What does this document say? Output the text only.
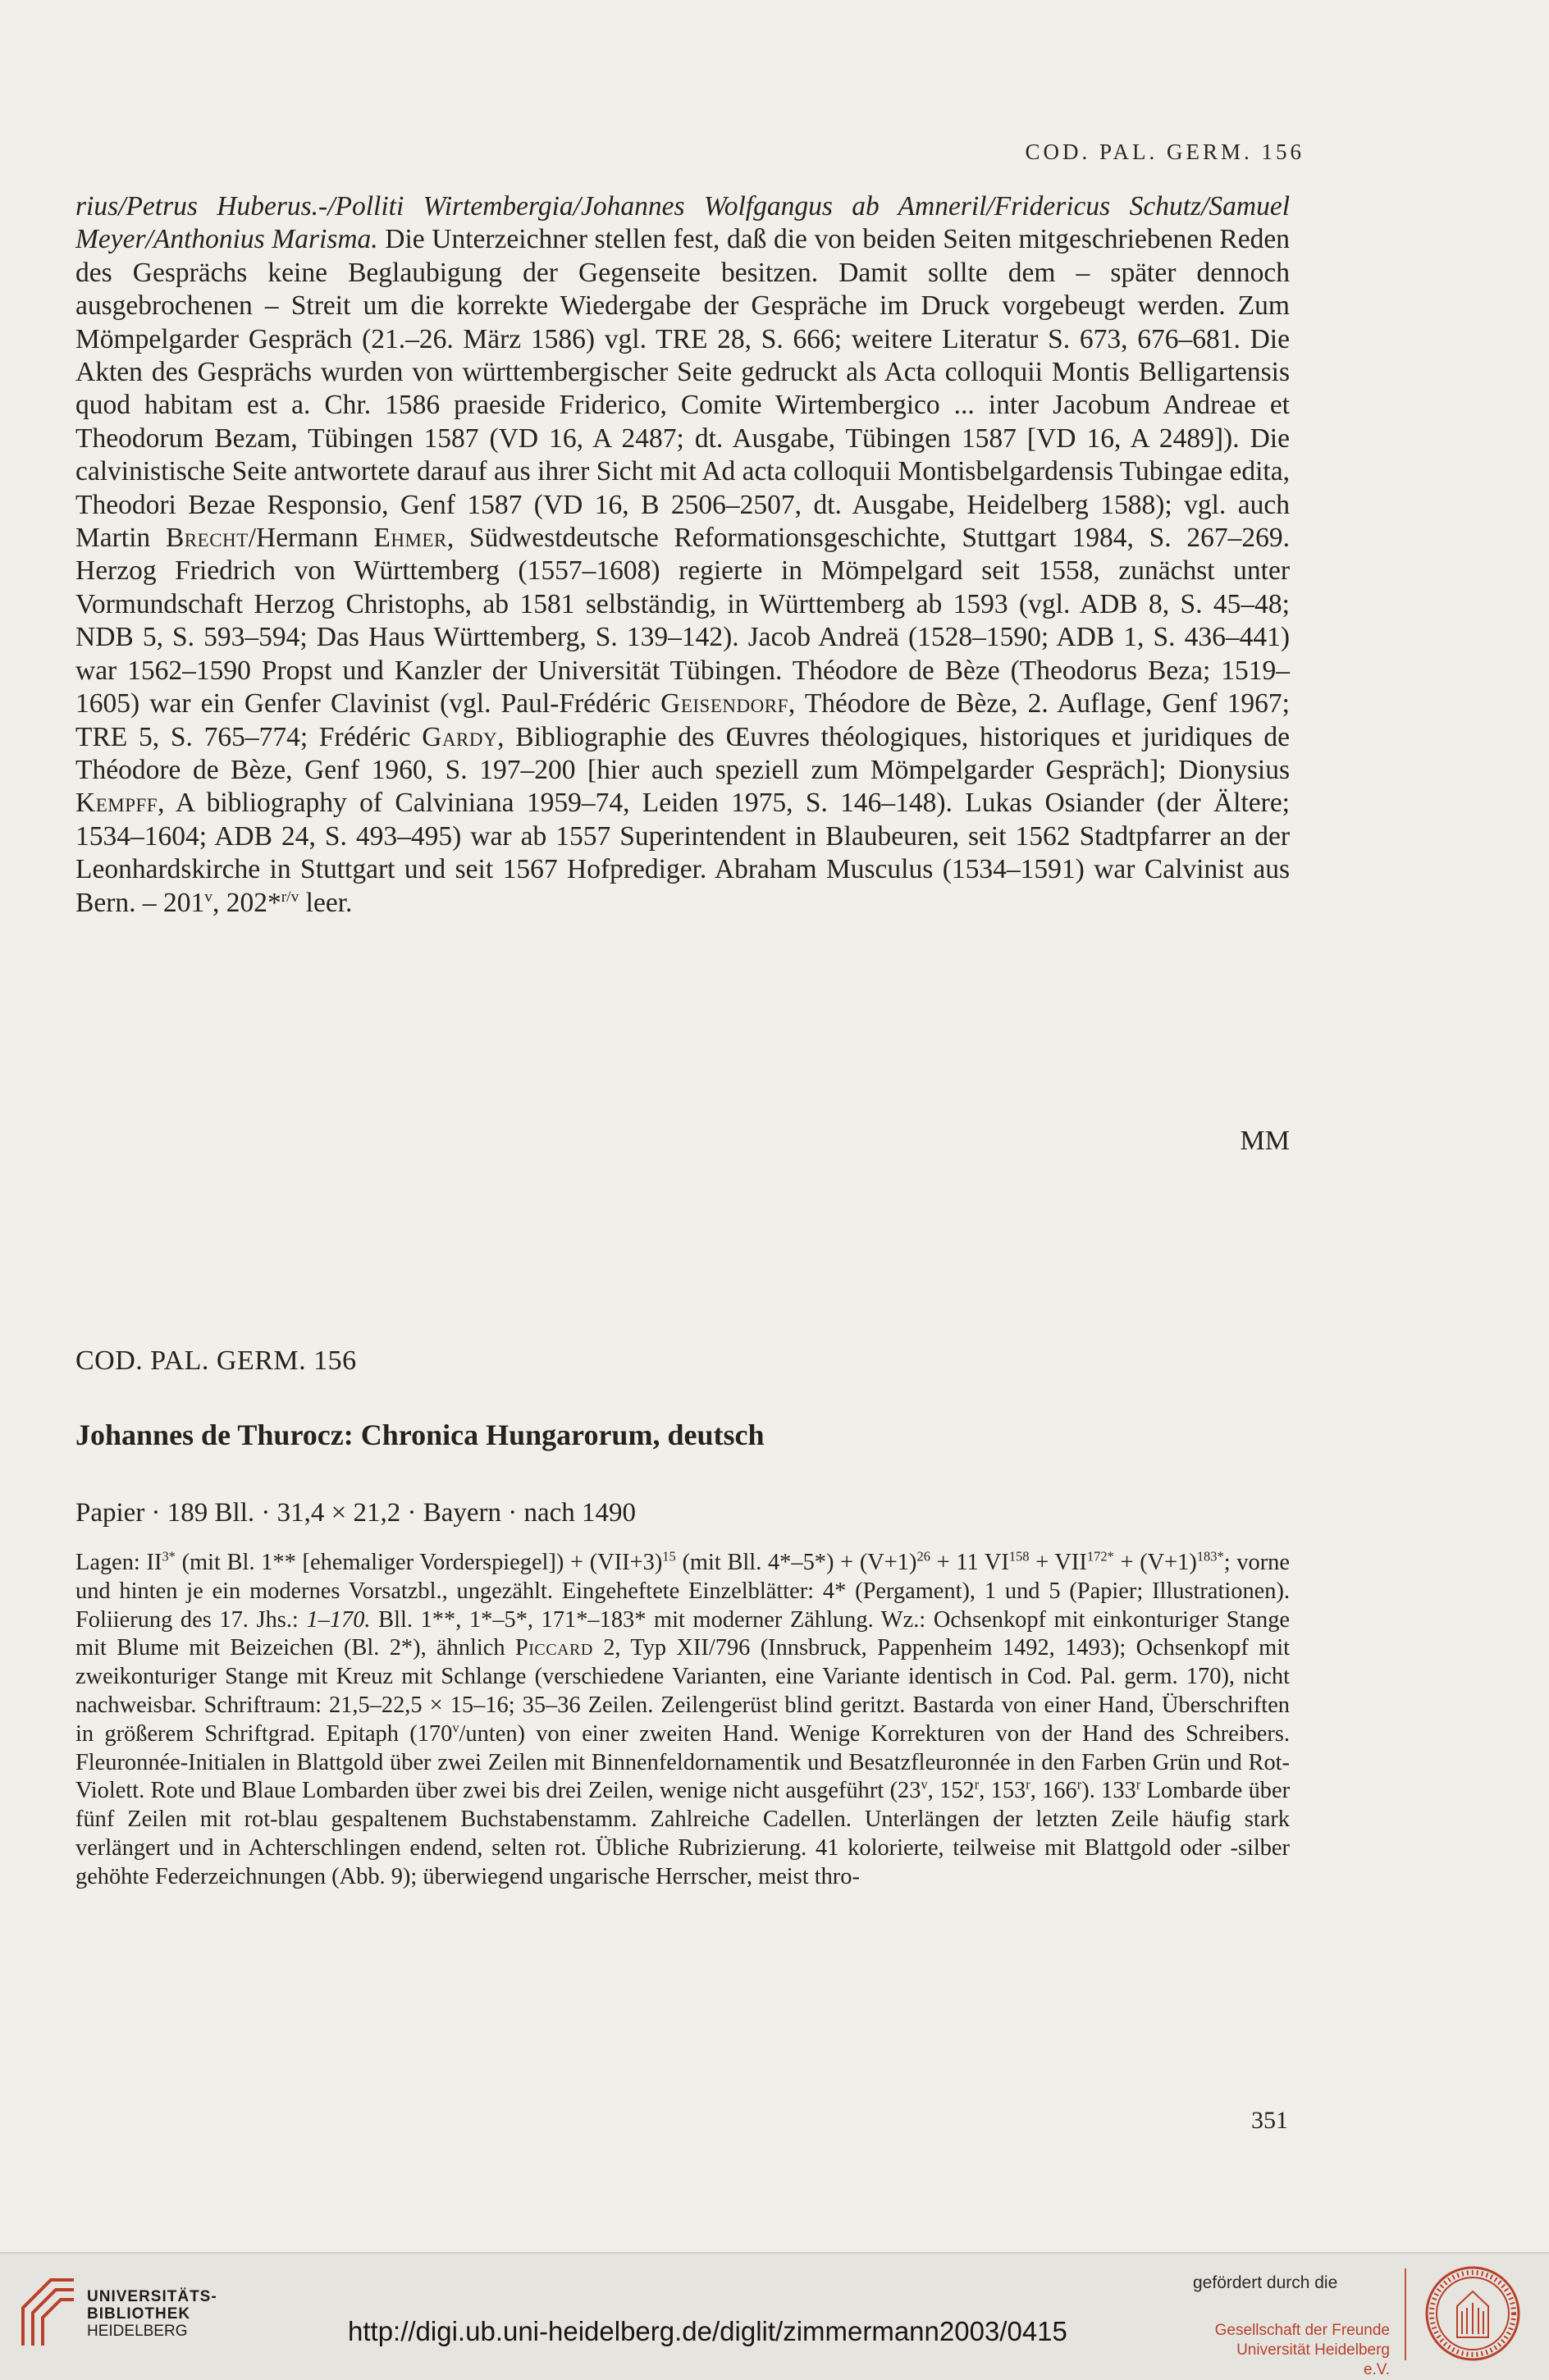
COD. PAL. GERM. 156

rius/Petrus Huberus.-/Polliti Wirtembergia/Johannes Wolfgangus ab Amneril/Fridericus Schutz/Samuel Meyer/Anthonius Marisma. Die Unterzeichner stellen fest, daß die von beiden Seiten mitgeschriebenen Reden des Gesprächs keine Beglaubigung der Gegenseite besitzen. Damit sollte dem – später dennoch ausgebrochenen – Streit um die korrekte Wiedergabe der Gespräche im Druck vorgebeugt werden. Zum Mömpelgarder Gespräch (21.–26. März 1586) vgl. TRE 28, S. 666; weitere Literatur S. 673, 676–681. Die Akten des Gesprächs wurden von württembergischer Seite gedruckt als Acta colloquii Montis Belligartensis quod habitam est a. Chr. 1586 praeside Friderico, Comite Wirtembergico ... inter Jacobum Andreae et Theodorum Bezam, Tübingen 1587 (VD 16, A 2487; dt. Ausgabe, Tübingen 1587 [VD 16, A 2489]). Die calvinistische Seite antwortete darauf aus ihrer Sicht mit Ad acta colloquii Montisbelgardensis Tubingae edita, Theodori Bezae Responsio, Genf 1587 (VD 16, B 2506–2507, dt. Ausgabe, Heidelberg 1588); vgl. auch Martin Brecht/Hermann Ehmer, Südwestdeutsche Reformationsgeschichte, Stuttgart 1984, S. 267–269. Herzog Friedrich von Württemberg (1557–1608) regierte in Mömpelgard seit 1558, zunächst unter Vormundschaft Herzog Christophs, ab 1581 selbständig, in Württemberg ab 1593 (vgl. ADB 8, S. 45–48; NDB 5, S. 593–594; Das Haus Württemberg, S. 139–142). Jacob Andreä (1528–1590; ADB 1, S. 436–441) war 1562–1590 Propst und Kanzler der Universität Tübingen. Théodore de Bèze (Theodorus Beza; 1519–1605) war ein Genfer Clavinist (vgl. Paul-Frédéric Geisendorf, Théodore de Bèze, 2. Auflage, Genf 1967; TRE 5, S. 765–774; Frédéric Gardy, Bibliographie des Œuvres théologiques, historiques et juridiques de Théodore de Bèze, Genf 1960, S. 197–200 [hier auch speziell zum Mömpelgarder Gespräch]; Dionysius Kempff, A bibliography of Calviniana 1959–74, Leiden 1975, S. 146–148). Lukas Osiander (der Ältere; 1534–1604; ADB 24, S. 493–495) war ab 1557 Superintendent in Blaubeuren, seit 1562 Stadtpfarrer an der Leonhardskirche in Stuttgart und seit 1567 Hofprediger. Abraham Musculus (1534–1591) war Calvinist aus Bern. – 201$^v$, 202*$^{r/v}$ leer.

MM
COD. PAL. GERM. 156
Johannes de Thurocz: Chronica Hungarorum, deutsch
Papier · 189 Bll. · 31,4 × 21,2 · Bayern · nach 1490

Lagen: $II^{3*}$ (mit Bl. 1** [ehemaliger Vorderspiegel]) + $(VII+3)^{15}$ (mit Bll. $4*-5*) + (V+1)^{26} + 11$ $VI^{158} + VII^{172*} + (V+1)^{183*}$; vorne und hinten je ein modernes Vorsatzbl., ungezählt. Eingeheftete Einzelblätter: 4* (Pergament), 1 und 5 (Papier; Illustrationen). Foliierung des 17. Jhs.: 1–170. Bll. 1**, 1*–5*, 171*–183* mit moderner Zählung. Wz.: Ochsenkopf mit einkonturiger Stange mit Blume mit Beizeichen (Bl. 2*), ähnlich Piccard 2, Typ XII/796 (Innsbruck, Pappenheim 1492, 1493); Ochsenkopf mit zweikonturiger Stange mit Kreuz mit Schlange (verschiedene Varianten, eine Variante identisch in Cod. Pal. germ. 170), nicht nachweisbar. Schriftraum: 21,5–22,5 × 15–16; 35–36 Zeilen. Zeilengerüst blind geritzt. Bastarda von einer Hand, Überschriften in größerem Schriftgrad. Epitaph (170$^v$/unten) von einer zweiten Hand. Wenige Korrekturen von der Hand des Schreibers. Fleuronnée-Initialen in Blattgold über zwei Zeilen mit Binnenfeldornamentik und Besatzfleuronnée in den Farben Grün und Rot-Violett. Rote und Blaue Lombarden über zwei bis drei Zeilen, wenige nicht ausgeführt (23$^v$, 152$^r$, 153$^r$, 166$^r$). 133$^r$ Lombarde über fünf Zeilen mit rot-blau gespaltenem Buchstabenstamm. Zahlreiche Cadellen. Unterlängen der letzten Zeile häufig stark verlängert und in Achterschlingen endend, selten rot. Übliche Rubrizierung. 41 kolorierte, teilweise mit Blattgold oder -silber gehöhte Federzeichnungen (Abb. 9); überwiegend ungarische Herrscher, meist thro-

351
UNIVERSITÄTS-
BIBLIOTHEK
HEIDELBERG	http://digi.ub.uni-heidelberg.de/diglit/zimmermann2003/0415
gefördert durch die
Gesellschaft der Freunde
Universität Heidelberg e.V.
